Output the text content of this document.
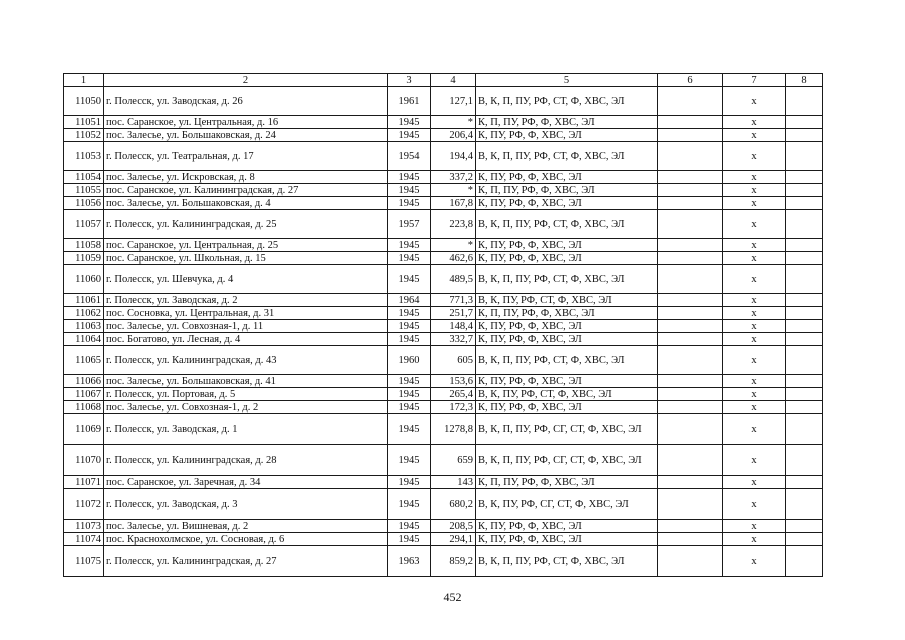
1	2	3	4	5	6	7	8
11050	г. Полесск, ул. Заводская, д. 26	1961	127,1	В, К, П, ПУ, РФ, СТ, Ф, ХВС, ЭЛ		х	
11051	пос. Саранское, ул. Центральная, д. 16	1945	*	К, П, ПУ, РФ, Ф, ХВС, ЭЛ		х	
11052	пос. Залесье, ул. Большаковская, д. 24	1945	206,4	К, ПУ, РФ, Ф, ХВС, ЭЛ		х	
11053	г. Полесск, ул. Театральная, д. 17	1954	194,4	В, К, П, ПУ, РФ, СТ, Ф, ХВС, ЭЛ		х	
11054	пос. Залесье, ул. Искровская, д. 8	1945	337,2	К, ПУ, РФ, Ф, ХВС, ЭЛ		х	
11055	пос. Саранское, ул. Калининградская, д. 27	1945	*	К, П, ПУ, РФ, Ф, ХВС, ЭЛ		х	
11056	пос. Залесье, ул. Большаковская, д. 4	1945	167,8	К, ПУ, РФ, Ф, ХВС, ЭЛ		х	
11057	г. Полесск, ул. Калининградская, д. 25	1957	223,8	В, К, П, ПУ, РФ, СТ, Ф, ХВС, ЭЛ		х	
11058	пос. Саранское, ул. Центральная, д. 25	1945	*	К, ПУ, РФ, Ф, ХВС, ЭЛ		х	
11059	пос. Саранское, ул. Школьная, д. 15	1945	462,6	К, ПУ, РФ, Ф, ХВС, ЭЛ		х	
11060	г. Полесск, ул. Шевчука, д. 4	1945	489,5	В, К, П, ПУ, РФ, СТ, Ф, ХВС, ЭЛ		х	
11061	г. Полесск, ул. Заводская, д. 2	1964	771,3	В, К, ПУ, РФ, СТ, Ф, ХВС, ЭЛ		х	
11062	пос. Сосновка, ул. Центральная, д. 31	1945	251,7	К, П, ПУ, РФ, Ф, ХВС, ЭЛ		х	
11063	пос. Залесье, ул. Совхозная-1, д. 11	1945	148,4	К, ПУ, РФ, Ф, ХВС, ЭЛ		х	
11064	пос. Богатово, ул. Лесная, д. 4	1945	332,7	К, ПУ, РФ, Ф, ХВС, ЭЛ		х	
11065	г. Полесск, ул. Калининградская, д. 43	1960	605	В, К, П, ПУ, РФ, СТ, Ф, ХВС, ЭЛ		х	
11066	пос. Залесье, ул. Большаковская, д. 41	1945	153,6	К, ПУ, РФ, Ф, ХВС, ЭЛ		х	
11067	г. Полесск, ул. Портовая, д. 5	1945	265,4	В, К, ПУ, РФ, СТ, Ф, ХВС, ЭЛ		х	
11068	пос. Залесье, ул. Совхозная-1, д. 2	1945	172,3	К, ПУ, РФ, Ф, ХВС, ЭЛ		х	
11069	г. Полесск, ул. Заводская, д. 1	1945	1278,8	В, К, П, ПУ, РФ, СГ, СТ, Ф, ХВС, ЭЛ		х	
11070	г. Полесск, ул. Калининградская, д. 28	1945	659	В, К, П, ПУ, РФ, СГ, СТ, Ф, ХВС, ЭЛ		х	
11071	пос. Саранское, ул. Заречная, д. 34	1945	143	К, П, ПУ, РФ, Ф, ХВС, ЭЛ		х	
11072	г. Полесск, ул. Заводская, д. 3	1945	680,2	В, К, ПУ, РФ, СГ, СТ, Ф, ХВС, ЭЛ		х	
11073	пос. Залесье, ул. Вишневая, д. 2	1945	208,5	К, ПУ, РФ, Ф, ХВС, ЭЛ		х	
11074	пос. Краснохолмское, ул. Сосновая, д. 6	1945	294,1	К, ПУ, РФ, Ф, ХВС, ЭЛ		х	
11075	г. Полесск, ул. Калининградская, д. 27	1963	859,2	В, К, П, ПУ, РФ, СТ, Ф, ХВС, ЭЛ		х	
452
